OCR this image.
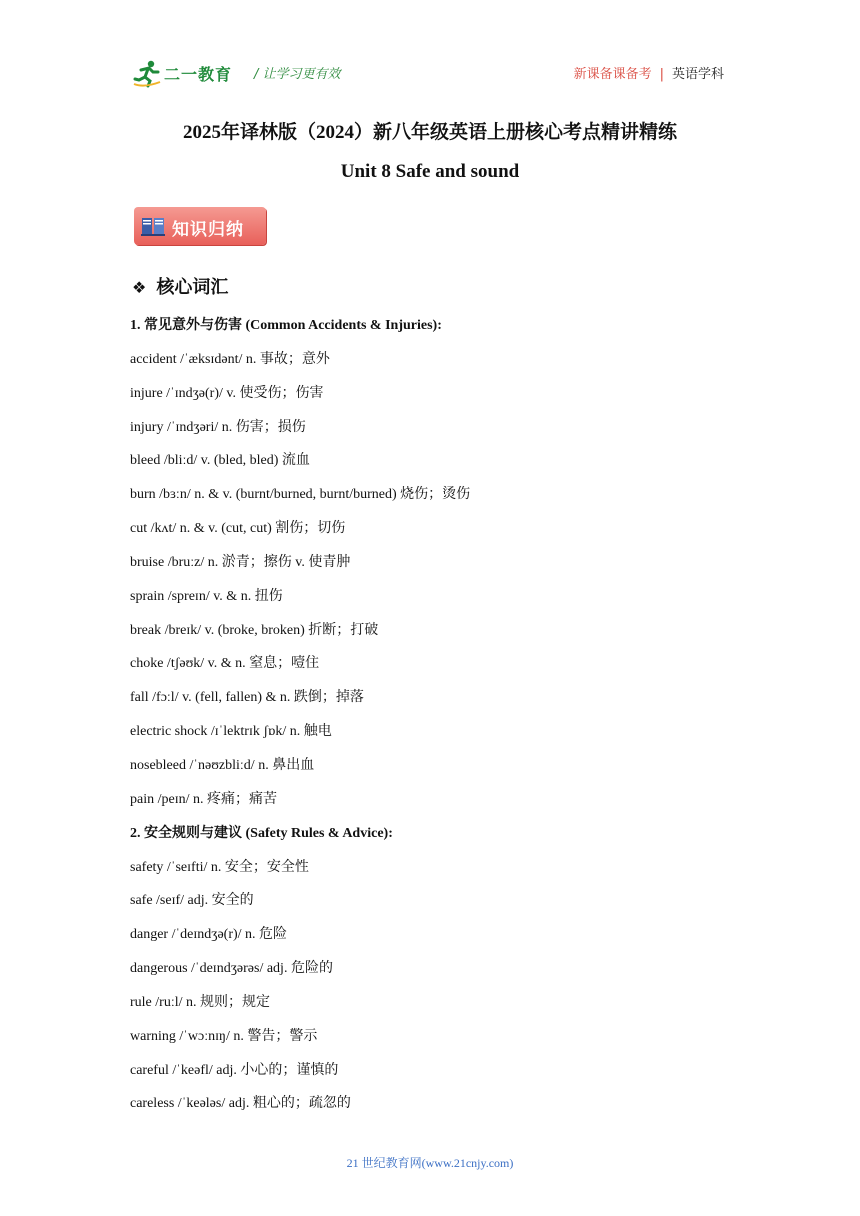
二一教育 / 让学习更有效	新课备课备考 | 英语学科
2025年译林版（2024）新八年级英语上册核心考点精讲精练
Unit 8 Safe and sound
知识归纳
❖ 核心词汇
1. 常见意外与伤害 (Common Accidents & Injuries):
accident /ˈæksɪdənt/ n. 事故；意外
injure /ˈɪndʒə(r)/ v. 使受伤；伤害
injury /ˈɪndʒəri/ n. 伤害；损伤
bleed /bliːd/ v. (bled, bled) 流血
burn /bɜːn/ n. & v. (burnt/burned, burnt/burned) 烧伤；烫伤
cut /kʌt/ n. & v. (cut, cut) 割伤；切伤
bruise /bruːz/ n. 淤青；擦伤 v. 使青肿
sprain /spreɪn/ v. & n. 扭伤
break /breɪk/ v. (broke, broken) 折断；打破
choke /tʃəʊk/ v. & n. 窒息；噎住
fall /fɔːl/ v. (fell, fallen) & n. 跌倒；掉落
electric shock /ɪˈlektrɪk ʃɒk/ n. 触电
nosebleed /ˈnəʊzbliːd/ n. 鼻出血
pain /peɪn/ n. 疼痛；痛苦
2. 安全规则与建议 (Safety Rules & Advice):
safety /ˈseɪfti/ n. 安全；安全性
safe /seɪf/ adj. 安全的
danger /ˈdeɪndʒə(r)/ n. 危险
dangerous /ˈdeɪndʒərəs/ adj. 危险的
rule /ruːl/ n. 规则；规定
warning /ˈwɔːnɪŋ/ n. 警告；警示
careful /ˈkeəfl/ adj. 小心的；谨慎的
careless /ˈkeələs/ adj. 粗心的；疏忽的
21 世纪教育网(www.21cnjy.com)
